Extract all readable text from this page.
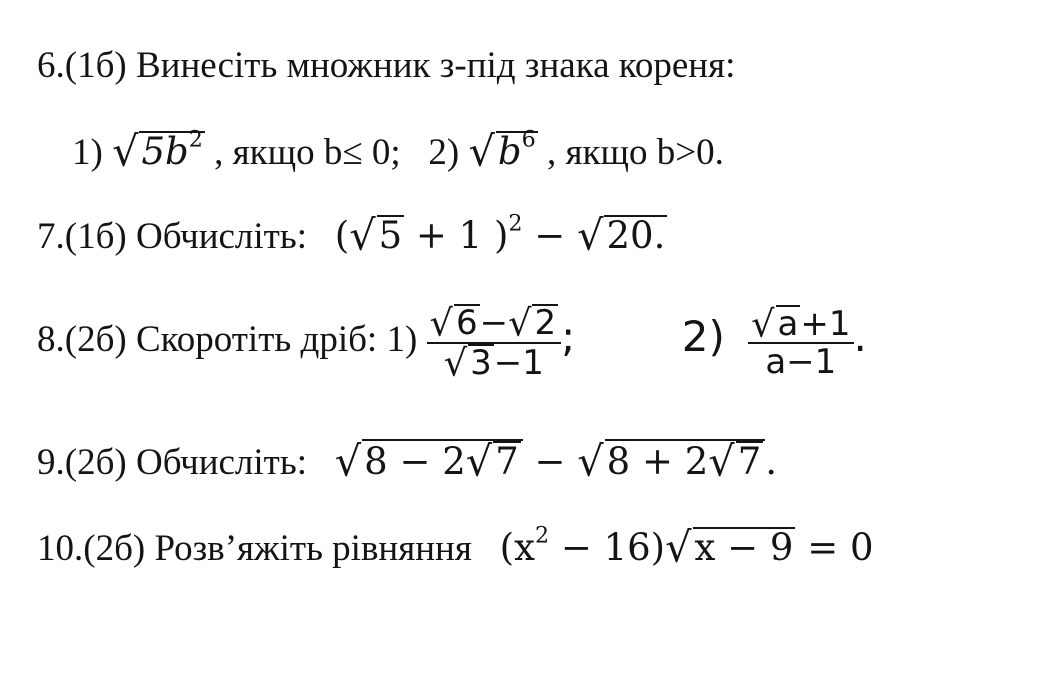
6.(1б) Винесіть множник з-під знака кореня:
1) $√5b^2$ , якщо b≤ 0; 2) $√b^6$ , якщо b>0.
7.(1б) Обчисліть: (√5 + 1 )$^2$ − √20.
8.(2б) Скоротіть дріб: $1) \frac{√6-√2}{√3-1}$ ;	$2) \frac{√a+1}{a-1}$ .
9.(2б) Обчисліть: √8 − 2√7 − √8 + 2√7 .
10.(2б) Розв’яжіть рівняння $(x^2 - 16)√x - 9 = 0$
